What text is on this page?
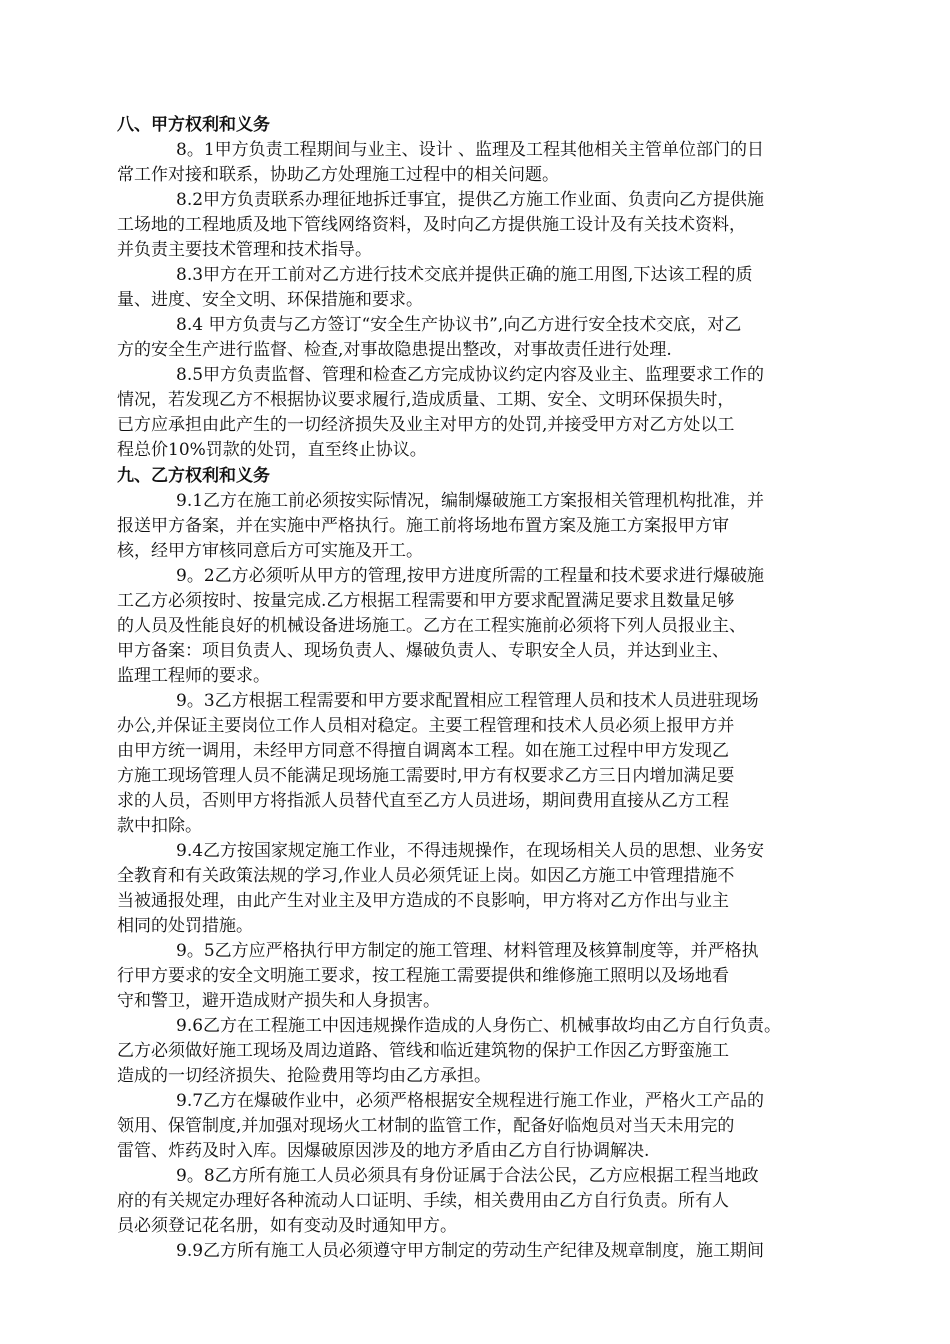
八、甲方权利和义务
8。1甲方负责工程期间与业主、设计 、监理及工程其他相关主管单位部门的日
常工作对接和联系，协助乙方处理施工过程中的相关问题。
8.2甲方负责联系办理征地拆迁事宜，提供乙方施工作业面、负责向乙方提供施
工场地的工程地质及地下管线网络资料，及时向乙方提供施工设计及有关技术资料，
并负责主要技术管理和技术指导。
8.3甲方在开工前对乙方进行技术交底并提供正确的施工用图,下达该工程的质
量、进度、安全文明、环保措施和要求。
8.4 甲方负责与乙方签订“安全生产协议书”,向乙方进行安全技术交底，对乙
方的安全生产进行监督、检查,对事故隐患提出整改，对事故责任进行处理.
8.5甲方负责监督、管理和检查乙方完成协议约定内容及业主、监理要求工作的
情况，若发现乙方不根据协议要求履行,造成质量、工期、安全、文明环保损失时，
已方应承担由此产生的一切经济损失及业主对甲方的处罚,并接受甲方对乙方处以工
程总价10%罚款的处罚，直至终止协议。
九、乙方权利和义务
9.1乙方在施工前必须按实际情况，编制爆破施工方案报相关管理机构批准，并
报送甲方备案，并在实施中严格执行。施工前将场地布置方案及施工方案报甲方审
核，经甲方审核同意后方可实施及开工。
9。2乙方必须听从甲方的管理,按甲方进度所需的工程量和技术要求进行爆破施
工乙方必须按时、按量完成.乙方根据工程需要和甲方要求配置满足要求且数量足够
的人员及性能良好的机械设备进场施工。乙方在工程实施前必须将下列人员报业主、
甲方备案：项目负责人、现场负责人、爆破负责人、专职安全人员，并达到业主、
监理工程师的要求。
9。3乙方根据工程需要和甲方要求配置相应工程管理人员和技术人员进驻现场
办公,并保证主要岗位工作人员相对稳定。主要工程管理和技术人员必须上报甲方并
由甲方统一调用，未经甲方同意不得擅自调离本工程。如在施工过程中甲方发现乙
方施工现场管理人员不能满足现场施工需要时,甲方有权要求乙方三日内增加满足要
求的人员，否则甲方将指派人员替代直至乙方人员进场，期间费用直接从乙方工程
款中扣除。
9.4乙方按国家规定施工作业，不得违规操作，在现场相关人员的思想、业务安
全教育和有关政策法规的学习,作业人员必须凭证上岗。如因乙方施工中管理措施不
当被通报处理，由此产生对业主及甲方造成的不良影响，甲方将对乙方作出与业主
相同的处罚措施。
9。5乙方应严格执行甲方制定的施工管理、材料管理及核算制度等，并严格执
行甲方要求的安全文明施工要求，按工程施工需要提供和维修施工照明以及场地看
守和警卫，避开造成财产损失和人身损害。
9.6乙方在工程施工中因违规操作造成的人身伤亡、机械事故均由乙方自行负责。
乙方必须做好施工现场及周边道路、管线和临近建筑物的保护工作因乙方野蛮施工
造成的一切经济损失、抢险费用等均由乙方承担。
9.7乙方在爆破作业中，必须严格根据安全规程进行施工作业，严格火工产品的
领用、保管制度,并加强对现场火工材制的监管工作，配备好临炮员对当天未用完的
雷管、炸药及时入库。因爆破原因涉及的地方矛盾由乙方自行协调解决.
9。8乙方所有施工人员必须具有身份证属于合法公民，乙方应根据工程当地政
府的有关规定办理好各种流动人口证明、手续，相关费用由乙方自行负责。所有人
员必须登记花名册，如有变动及时通知甲方。
9.9乙方所有施工人员必须遵守甲方制定的劳动生产纪律及规章制度，施工期间
